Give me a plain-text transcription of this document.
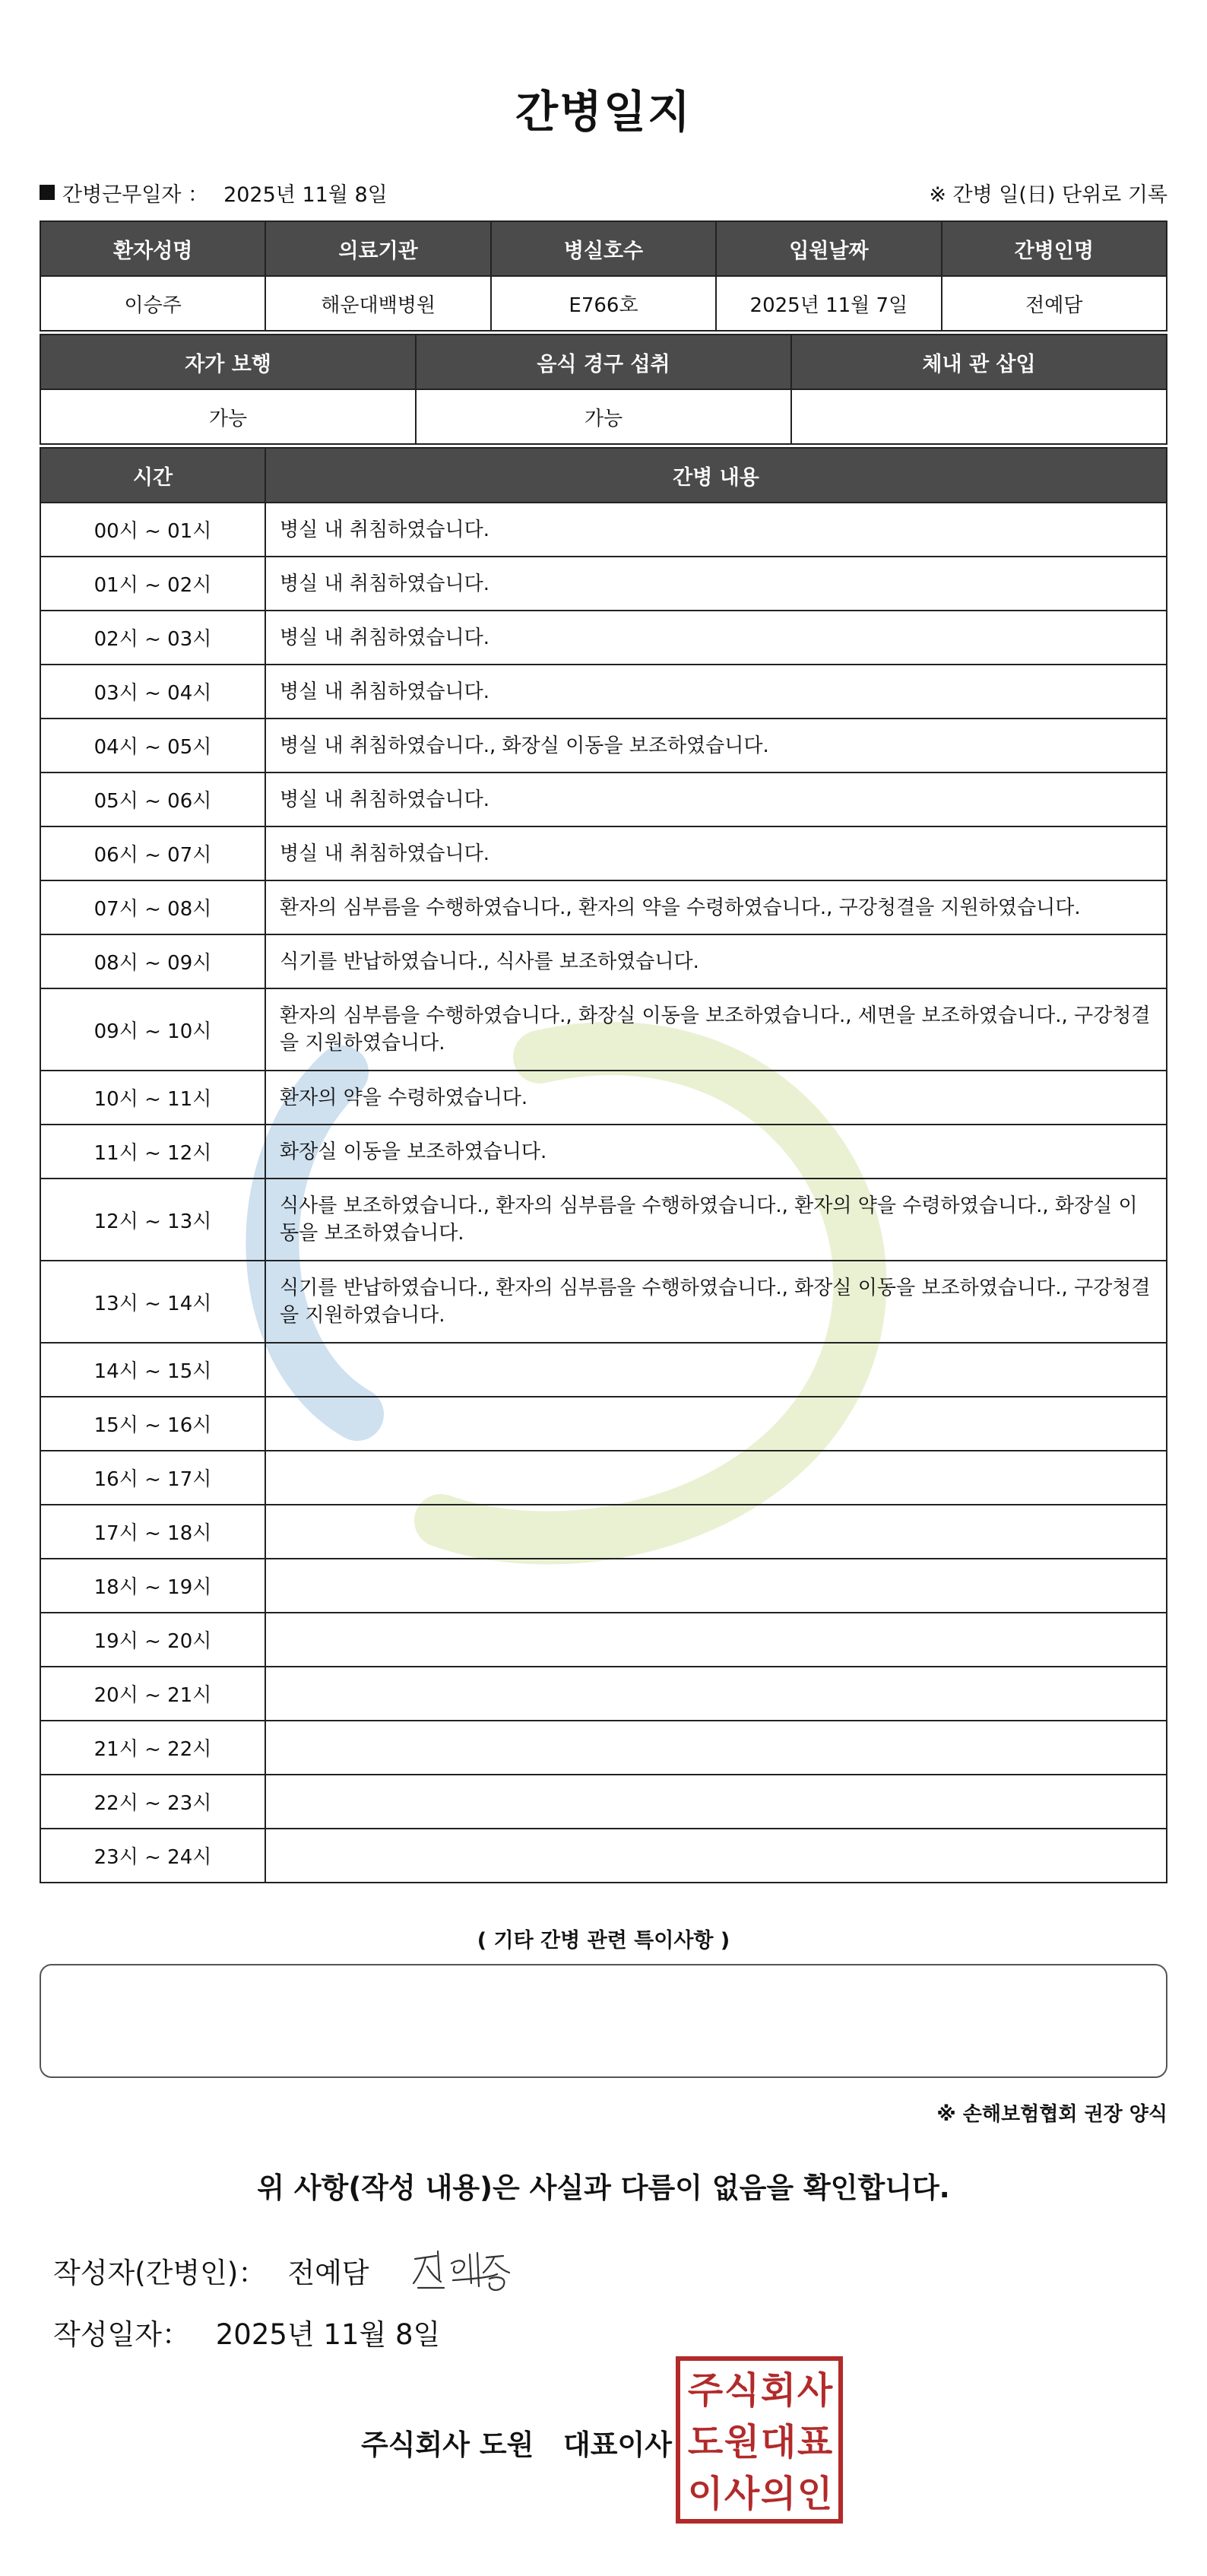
간병일지
간병근무일자 ： 2025년 11월 8일	※ 간병 일(日) 단위로 기록
환자성명	의료기관	병실호수	입원날짜	간병인명
이승주	해운대백병원	E766호	2025년 11월 7일	전예담
자가 보행	음식 경구 섭취	체내 관 삽입
가능	가능	
시간	간병 내용
00시 ~ 01시	병실 내 취침하였습니다.
01시 ~ 02시	병실 내 취침하였습니다.
02시 ~ 03시	병실 내 취침하였습니다.
03시 ~ 04시	병실 내 취침하였습니다.
04시 ~ 05시	병실 내 취침하였습니다., 화장실 이동을 보조하였습니다.
05시 ~ 06시	병실 내 취침하였습니다.
06시 ~ 07시	병실 내 취침하였습니다.
07시 ~ 08시	환자의 심부름을 수행하였습니다., 환자의 약을 수령하였습니다., 구강청결을 지원하였습니다.
08시 ~ 09시	식기를 반납하였습니다., 식사를 보조하였습니다.
09시 ~ 10시	환자의 심부름을 수행하였습니다., 화장실 이동을 보조하였습니다., 세면을 보조하였습니다., 구강청결을 지원하였습니다.
10시 ~ 11시	환자의 약을 수령하였습니다.
11시 ~ 12시	화장실 이동을 보조하였습니다.
12시 ~ 13시	식사를 보조하였습니다., 환자의 심부름을 수행하였습니다., 환자의 약을 수령하였습니다., 화장실 이동을 보조하였습니다.
13시 ~ 14시	식기를 반납하였습니다., 환자의 심부름을 수행하였습니다., 화장실 이동을 보조하였습니다., 구강청결을 지원하였습니다.
14시 ~ 15시	
15시 ~ 16시	
16시 ~ 17시	
17시 ~ 18시	
18시 ~ 19시	
19시 ~ 20시	
20시 ~ 21시	
21시 ~ 22시	
22시 ~ 23시	
23시 ~ 24시	
( 기타 간병 관련 특이사항 )
※ 손해보험협회 권장 양식
위 사항(작성 내용)은 사실과 다름이 없음을 확인합니다.
작성자(간병인)： 전예담
작성일자： 2025년 11월 8일
주식회사 도원   대표이사
주 식 회 사
도 원 대 표
이 사 의 인
